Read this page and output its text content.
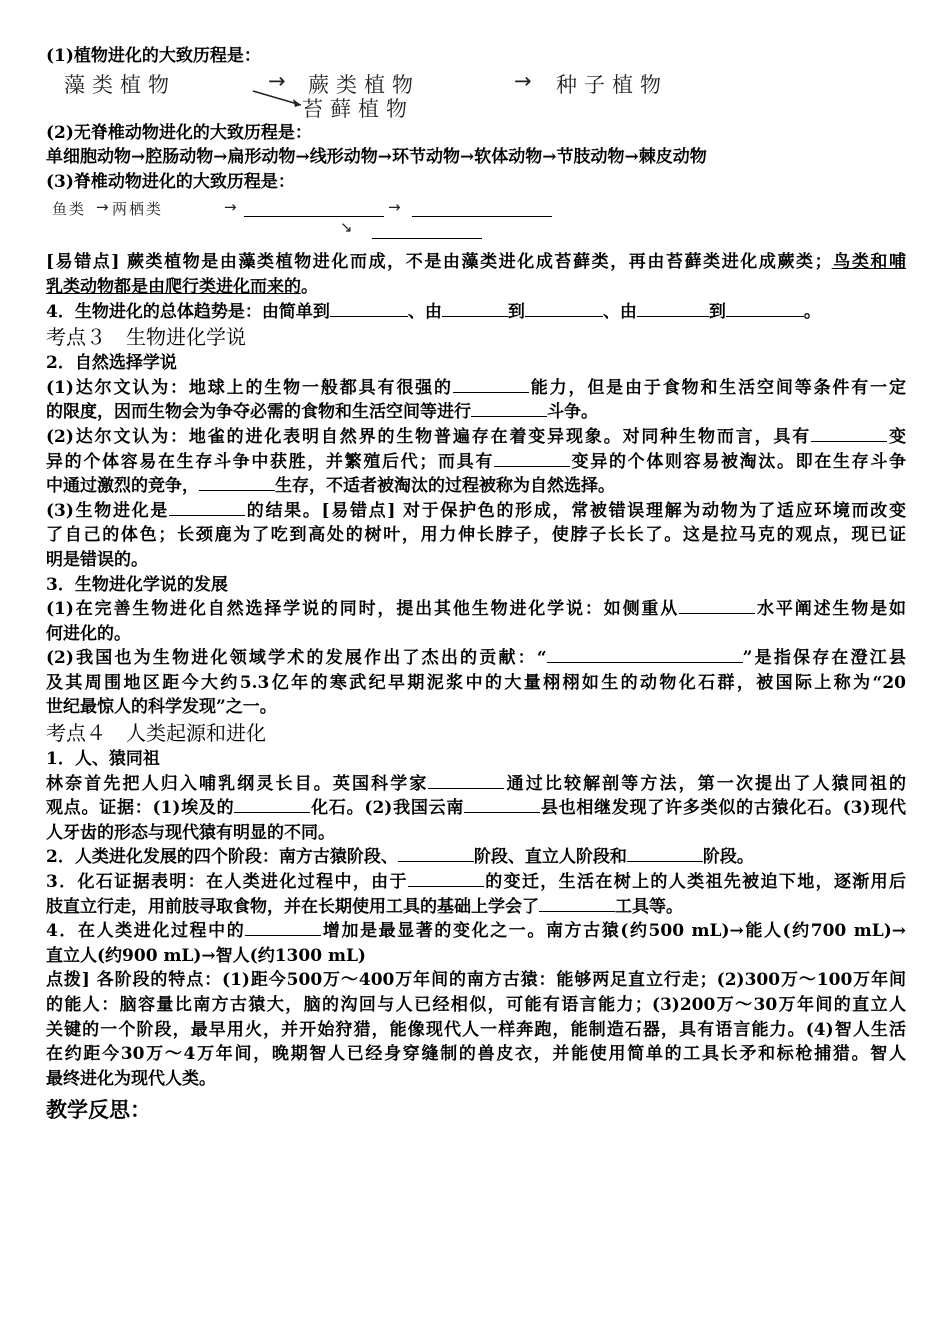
(1)植物进化的大致历程是：
藻类植物	→ 蕨类植物	→ 种子植物
苔藓植物
(2)无脊椎动物进化的大致历程是：
单细胞动物→腔肠动物→扁形动物→线形动物→环节动物→软体动物→节肢动物→棘皮动物
(3)脊椎动物进化的大致历程是：
鱼类 → 两栖类	→	→
↘
[易错点] 蕨类植物是由藻类植物进化而成，不是由藻类进化成苔藓类，再由苔藓类进化成蕨类；鸟类和哺
乳类动物都是由爬行类进化而来的。
4．生物进化的总体趋势是：由简单到	、由	到	、由	到	。
考点３　生物进化学说
2．自然选择学说
(1)达尔文认为：地球上的生物一般都具有很强的	能力，但是由于食物和生活空间等条件有一定
的限度，因而生物会为争夺必需的食物和生活空间等进行	斗争。
(2)达尔文认为：地雀的进化表明自然界的生物普遍存在着变异现象。对同种生物而言，具有	变
异的个体容易在生存斗争中获胜，并繁殖后代；而具有	变异的个体则容易被淘汰。即在生存斗争
中通过激烈的竞争，	生存，不适者被淘汰的过程被称为自然选择。
(3)生物进化是	的结果。[易错点] 对于保护色的形成，常被错误理解为动物为了适应环境而改变
了自己的体色；长颈鹿为了吃到高处的树叶，用力伸长脖子，使脖子长长了。这是拉马克的观点，现已证
明是错误的。
3．生物进化学说的发展
(1)在完善生物进化自然选择学说的同时，提出其他生物进化学说：如侧重从	水平阐述生物是如
何进化的。
(2)我国也为生物进化领域学术的发展作出了杰出的贡献：“	”是指保存在澄江县
及其周围地区距今大约5.3亿年的寒武纪早期泥浆中的大量栩栩如生的动物化石群，被国际上称为“20
世纪最惊人的科学发现”之一。
考点４　人类起源和进化
1．人、猿同祖
林奈首先把人归入哺乳纲灵长目。英国科学家	通过比较解剖等方法，第一次提出了人猿同祖的
观点。证据：(1)埃及的	化石。(2)我国云南	县也相继发现了许多类似的古猿化石。(3)现代
人牙齿的形态与现代猿有明显的不同。
2．人类进化发展的四个阶段：南方古猿阶段、	阶段、直立人阶段和	阶段。
3．化石证据表明：在人类进化过程中，由于	的变迁，生活在树上的人类祖先被迫下地，逐渐用后
肢直立行走，用前肢寻取食物，并在长期使用工具的基础上学会了	工具等。
4．在人类进化过程中的	增加是最显著的变化之一。南方古猿(约500 mL)→能人(约700 mL)→
直立人(约900 mL)→智人(约1300 mL)
点拨] 各阶段的特点：(1)距今500万～400万年间的南方古猿：能够两足直立行走；(2)300万～100万年间
的能人：脑容量比南方古猿大，脑的沟回与人已经相似，可能有语言能力；(3)200万～30万年间的直立人
关键的一个阶段，最早用火，并开始狩猎，能像现代人一样奔跑，能制造石器，具有语言能力。(4)智人生活
在约距今30万～4万年间，晚期智人已经身穿缝制的兽皮衣，并能使用简单的工具长矛和标枪捕猎。智人
最终进化为现代人类。
教学反思：
